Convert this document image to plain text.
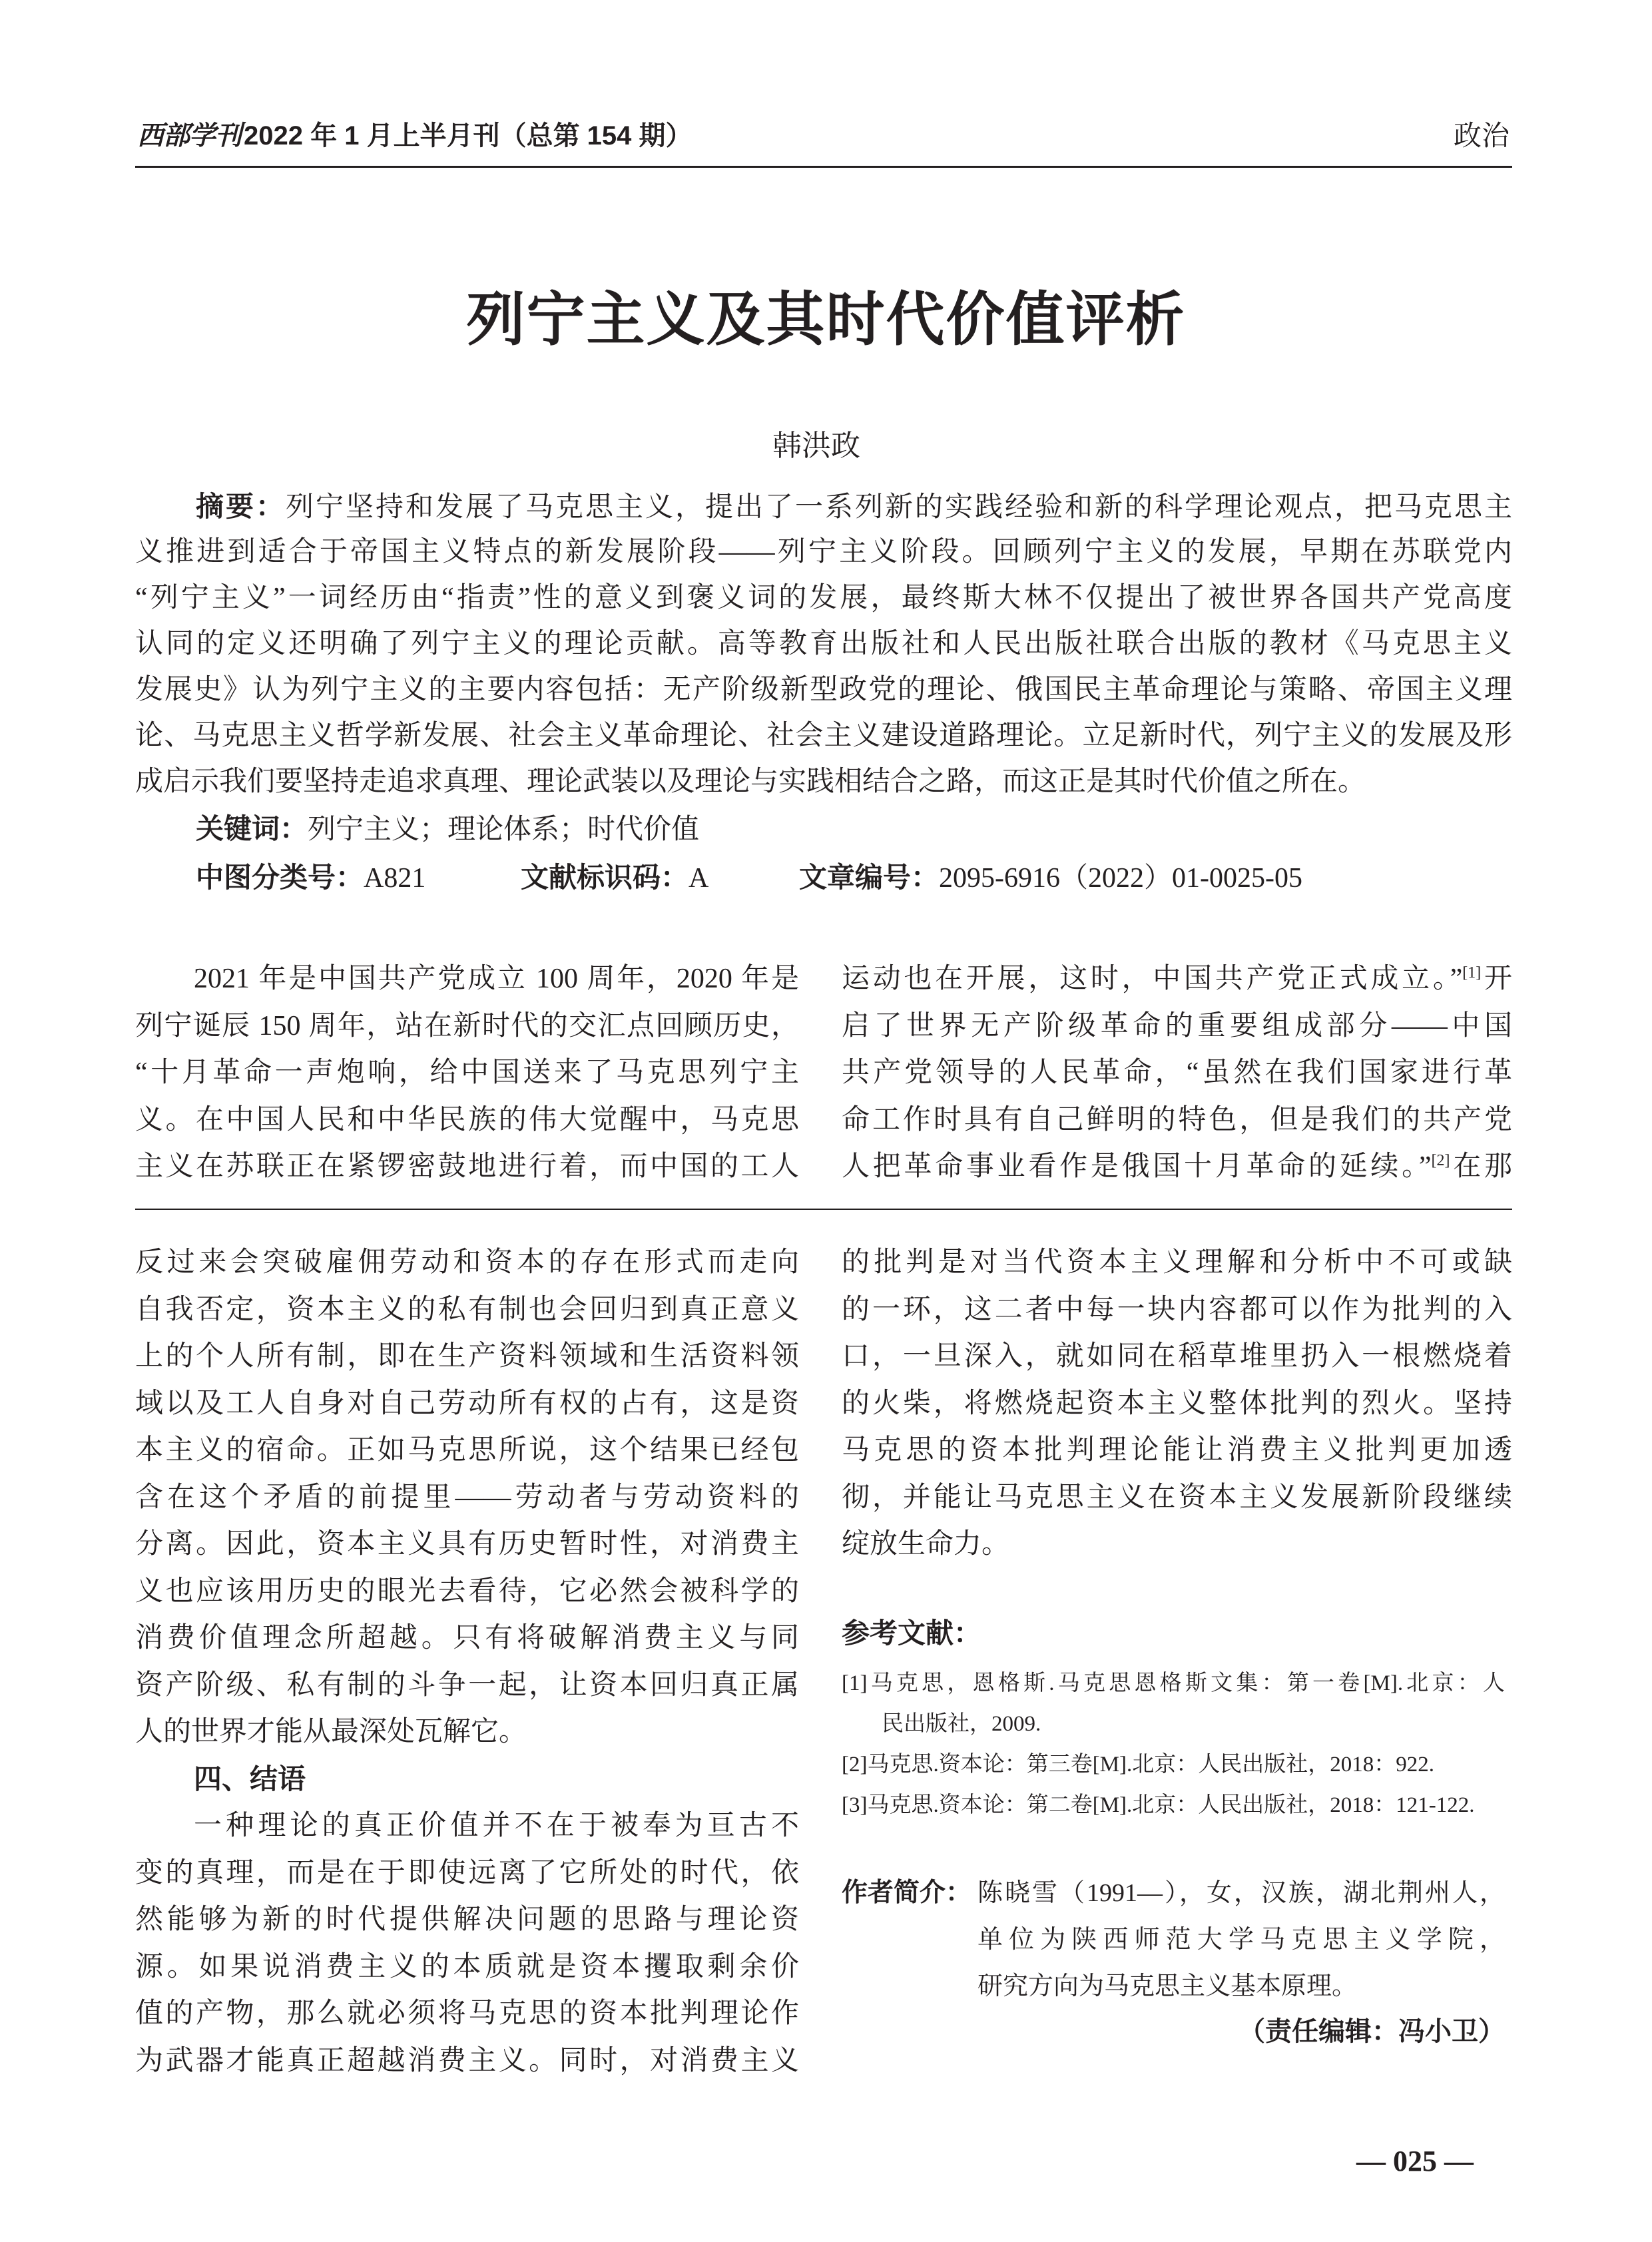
西部学刊 2022 年 1 月上半月刊（总第 154 期）	政治
列宁主义及其时代价值评析
韩洪政
摘要：列宁坚持和发展了马克思主义，提出了一系列新的实践经验和新的科学理论观点，把马克思主
义推进到适合于帝国主义特点的新发展阶段——列宁主义阶段。回顾列宁主义的发展，早期在苏联党内
“列宁主义”一词经历由“指责”性的意义到褒义词的发展，最终斯大林不仅提出了被世界各国共产党高度
认同的定义还明确了列宁主义的理论贡献。高等教育出版社和人民出版社联合出版的教材《马克思主义
发展史》认为列宁主义的主要内容包括：无产阶级新型政党的理论、俄国民主革命理论与策略、帝国主义理
论、马克思主义哲学新发展、社会主义革命理论、社会主义建设道路理论。立足新时代，列宁主义的发展及形
成启示我们要坚持走追求真理、理论武装以及理论与实践相结合之路，而这正是其时代价值之所在。
关键词：列宁主义；理论体系；时代价值
中图分类号：A821	文献标识码：A	文章编号：2095-6916（2022）01-0025-05
2021 年是中国共产党成立 100 周年，2020 年是
列宁诞辰 150 周年，站在新时代的交汇点回顾历史，
“十月革命一声炮响，给中国送来了马克思列宁主
义。在中国人民和中华民族的伟大觉醒中，马克思
主义在苏联正在紧锣密鼓地进行着，而中国的工人
运动也在开展，这时，中国共产党正式成立。”[1]开
启了世界无产阶级革命的重要组成部分——中国
共产党领导的人民革命，“虽然在我们国家进行革
命工作时具有自己鲜明的特色，但是我们的共产党
人把革命事业看作是俄国十月革命的延续。”[2]在那
反过来会突破雇佣劳动和资本的存在形式而走向
自我否定，资本主义的私有制也会回归到真正意义
上的个人所有制，即在生产资料领域和生活资料领
域以及工人自身对自己劳动所有权的占有，这是资
本主义的宿命。正如马克思所说，这个结果已经包
含在这个矛盾的前提里——劳动者与劳动资料的
分离。因此，资本主义具有历史暂时性，对消费主
义也应该用历史的眼光去看待，它必然会被科学的
消费价值理念所超越。只有将破解消费主义与同
资产阶级、私有制的斗争一起，让资本回归真正属
人的世界才能从最深处瓦解它。
四、结语
一种理论的真正价值并不在于被奉为亘古不
变的真理，而是在于即使远离了它所处的时代，依
然能够为新的时代提供解决问题的思路与理论资
源。如果说消费主义的本质就是资本攫取剩余价
值的产物，那么就必须将马克思的资本批判理论作
为武器才能真正超越消费主义。同时，对消费主义
的批判是对当代资本主义理解和分析中不可或缺
的一环，这二者中每一块内容都可以作为批判的入
口，一旦深入，就如同在稻草堆里扔入一根燃烧着
的火柴，将燃烧起资本主义整体批判的烈火。坚持
马克思的资本批判理论能让消费主义批判更加透
彻，并能让马克思主义在资本主义发展新阶段继续
绽放生命力。
参考文献：
[1]马克思，恩格斯.马克思恩格斯文集：第一卷[M].北京：人
民出版社，2009.
[2]马克思.资本论：第三卷[M].北京：人民出版社，2018：922.
[3]马克思.资本论：第二卷[M].北京：人民出版社，2018：121-122.
作者简介： 陈晓雪（1991—），女，汉族，湖北荆州人，
单位为陕西师范大学马克思主义学院，
研究方向为马克思主义基本原理。
（责任编辑：冯小卫）
— 025 —
